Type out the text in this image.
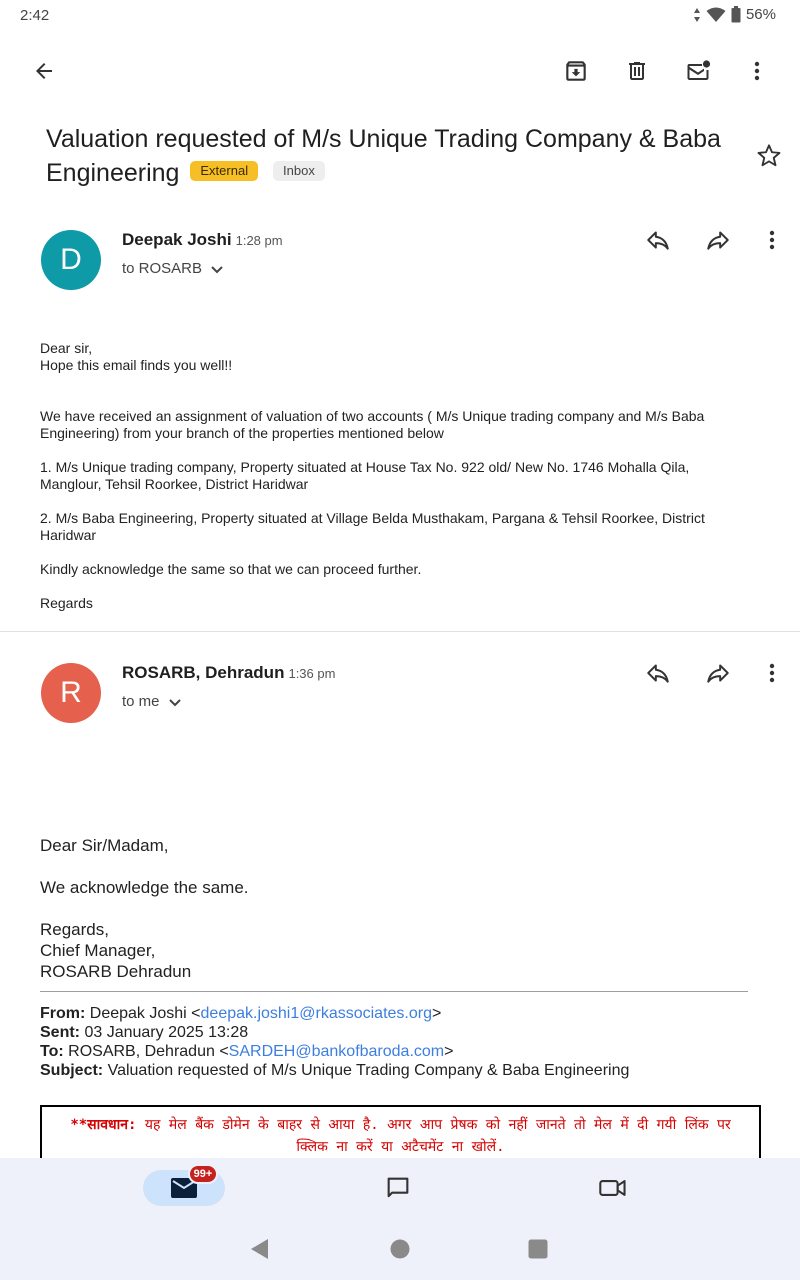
2:42	56%
Valuation requested of M/s Unique Trading Company & Baba Engineering External	Inbox
D
Deepak Joshi 1:28 pm
to ROSARB

Dear sir,
Hope this email finds you well!!

We have received an assignment of valuation of two accounts ( M/s Unique trading company and M/s Baba Engineering) from your branch of the properties mentioned below

1. M/s Unique trading company, Property situated at House Tax No. 922 old/ New No. 1746 Mohalla Qila, Manglour, Tehsil Roorkee, District Haridwar

2. M/s Baba Engineering, Property situated at Village Belda Musthakam, Pargana & Tehsil Roorkee, District Haridwar

Kindly acknowledge the same so that we can proceed further.

Regards

R
ROSARB, Dehradun 1:36 pm
to me

Dear Sir/Madam,

We acknowledge the same.

Regards,
Chief Manager,
ROSARB Dehradun

From: Deepak Joshi <deepak.joshi1@rkassociates.org>
Sent: 03 January 2025 13:28
To: ROSARB, Dehradun <SARDEH@bankofbaroda.com>
Subject: Valuation requested of M/s Unique Trading Company & Baba Engineering
**सावधान: यह मेल बैंक डोमेन के बाहर से आया है. अगर आप प्रेषक को नहीं जानते तो मेल में दी गयी लिंक पर क्लिक ना करें या अटैचमेंट ना खोलें.
99+
